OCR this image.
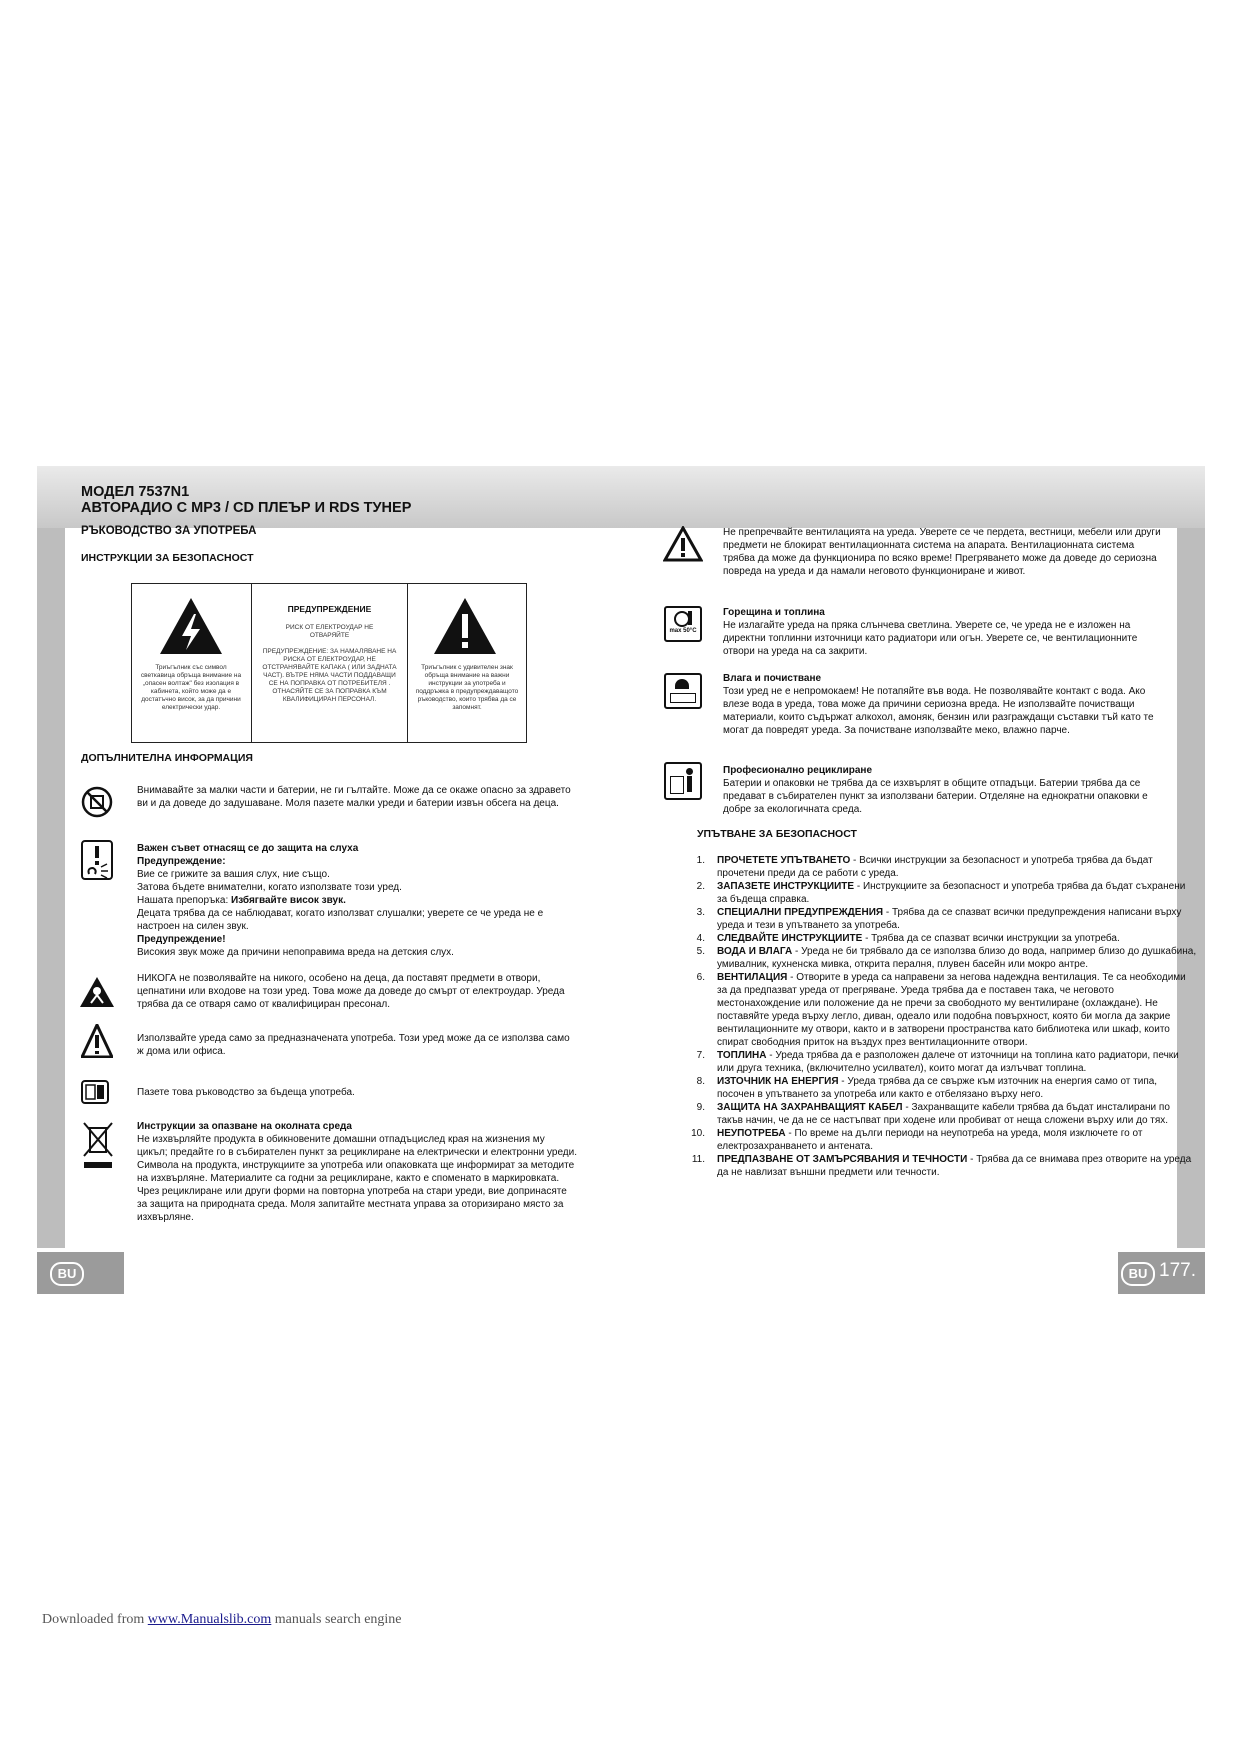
МОДЕЛ 7537N1
АВТОРАДИО С MP3 / CD ПЛЕЪР И RDS ТУНЕР
РЪКОВОДСТВО ЗА УПОТРЕБА
ИНСТРУКЦИИ ЗА БЕЗОПАСНОСТ
Триъгълник със символ светкавица обръща внимание на „опасен волтаж" без изолация в кабинета, който може да е достатъчно висок, за да причини електрически удар.
ПРЕДУПРЕЖДЕНИЕ
РИСК ОТ ЕЛЕКТРОУДАР НЕ ОТВАРЯЙТЕ
ПРЕДУПРЕЖДЕНИЕ: ЗА НАМАЛЯВАНЕ НА РИСКА ОТ ЕЛЕКТРОУДАР, НЕ ОТСТРАНЯВАЙТЕ КАПАКА ( ИЛИ ЗАДНАТА ЧАСТ). ВЪТРЕ НЯМА ЧАСТИ ПОДДАВАЩИ СЕ НА ПОПРАВКА ОТ ПОТРЕБИТЕЛЯ . ОТНАСЯЙТЕ СЕ ЗА ПОПРАВКА КЪМ КВАЛИФИЦИРАН ПЕРСОНАЛ.
Триъгълник с удивителен знак обръща внимание на важни инструкции за употреба и поддръжка в предупреждаващото ръководство, които трябва да се запомнят.
ДОПЪЛНИТЕЛНА ИНФОРМАЦИЯ
Внимавайте за малки части и батерии, не ги гълтайте. Може да се окаже опасно за здравето ви и да доведе до задушаване. Моля пазете малки уреди и батерии извън обсега на деца.
Важен съвет отнасящ се до защита на слуха
Предупреждение:
Вие се грижите за вашия слух, ние също.
Затова бъдете внимателни, когато използвате този уред.
Нашата препоръка: Избягвайте висок звук.
Децата трябва да се наблюдават, когато използват слушалки; уверете се че уреда не е настроен на силен звук.
Предупреждение!
Високия звук може да причини непоправима вреда на детския слух.
НИКОГА не позволявайте на никого, особено на деца, да поставят предмети в отвори, цепнатини или входове на този уред. Това може да доведе до смърт от електроудар. Уреда трябва да се отваря само от квалифициран пресонал.
Използвайте уреда само за предназначената употреба. Този уред може да се използва само ж дома или офиса.
Пазете това ръководство за бъдеща употреба.
Инструкции за опазване на околната среда
Не изхвърляйте продукта в обикновените домашни отпадъцислед края на жизнения му цикъл; предайте го в събирателен пункт за рециклиране на електрически и електронни уреди. Символа на продукта, инструкциите за употреба или опаковката ще информират за методите на изхвърляне. Материалите са годни за рециклиране, както е споменато в маркировката. Чрез рециклиране или други форми на повторна употреба на стари уреди, вие допринасяте за защита на природната среда. Моля запитайте местната управа за оторизирано място за изхвърляне.
Не препречвайте вентилацията на уреда. Уверете се че пердета, вестници, мебели или други предмети не блокират вентилационната система на апарата. Вентилационната система трябва да може да функционира по всяко време! Прегряването може да доведе до сериозна повреда на уреда и да намали неговото функциониране и живот.
max 50°C
Горещина и топлина
Не излагайте уреда на пряка слънчева светлина. Уверете се, че уреда не е изложен на директни топлинни източници като радиатори или огън. Уверете се, че вентилационните отвори на уреда на са закрити.
Влага и почистване
Този уред не е непромокаем! Не потапяйте във вода. Не позволявайте контакт с вода. Ако влезе вода в уреда, това може да причини сериозна вреда. Не използвайте почистващи материали, които съдържат алкохол, амоняк, бензин или разграждащи съставки тъй като те могат да повредят уреда. За почистване използвайте меко, влажно парче.
Професионално рециклиране
Батерии и опаковки не трябва да се изхвърлят в общите отпадъци. Батерии трябва да се предават в събирателен пункт за използвани батерии. Отделяне на еднократни опаковки е добре за екологичната среда.
УПЪТВАНЕ ЗА БЕЗОПАСНОСТ
1. ПРОЧЕТЕТЕ УПЪТВАНЕТО - Всички инструкции за безопасност и употреба трябва да бъдат прочетени преди да се работи с уреда.
2. ЗАПАЗЕТЕ ИНСТРУКЦИИТЕ - Инструкциите за безопасност и употреба трябва да бъдат съхранени за бъдеща справка.
3. СПЕЦИАЛНИ ПРЕДУПРЕЖДЕНИЯ - Трябва да се спазват всички предупреждения написани върху уреда и тези в упътването за употреба.
4. СЛЕДВАЙТЕ ИНСТРУКЦИИТЕ - Трябва да се спазват всички инструкции за употреба.
5. ВОДА И ВЛАГА - Уреда не би трябвало да се използва близо до вода, например близо до душкабина, умивалник, кухненска мивка, открита пералня, плувен басейн или мокро антре.
6. ВЕНТИЛАЦИЯ - Отворите в уреда са направени за негова надеждна вентилация. Те са необходими за да предпазват уреда от прегряване. Уреда трябва да е поставен така, че неговото местонахождение или положение да не пречи за свободното му вентилиране (охлаждане). Не поставяйте уреда върху легло, диван, одеало или подобна повърхност, която би могла да закрие вентилационните му отвори, както и в затворени пространства като библиотека или шкаф, които спират свободния приток на въздух през вентилационните отвори.
7. ТОПЛИНА - Уреда трябва да е разположен далече от източници на топлина като радиатори, печки или друга техника, (включително усилвател), които могат да излъчват топлина.
8. ИЗТОЧНИК НА ЕНЕРГИЯ - Уреда трябва да се свърже към източник на енергия само от типа, посочен в упътването за употреба или както е отбелязано върху него.
9. ЗАЩИТА НА ЗАХРАНВАЩИЯТ КАБЕЛ - Захранващите кабели трябва да бъдат инсталирани по такъв начин, че да не се настъпват при ходене или пробиват от неща сложени върху или до тях.
10. НЕУПОТРЕБА - По време на дълги периоди на неупотреба на уреда, моля изключете го от електрозахранването и антената.
11. ПРЕДПАЗВАНЕ ОТ ЗАМЪРСЯВАНИЯ И ТЕЧНОСТИ - Трябва да се внимава през отворите на уреда да не навлизат външни предмети или течности.
BU	BU 177.
Downloaded from www.Manualslib.com manuals search engine
